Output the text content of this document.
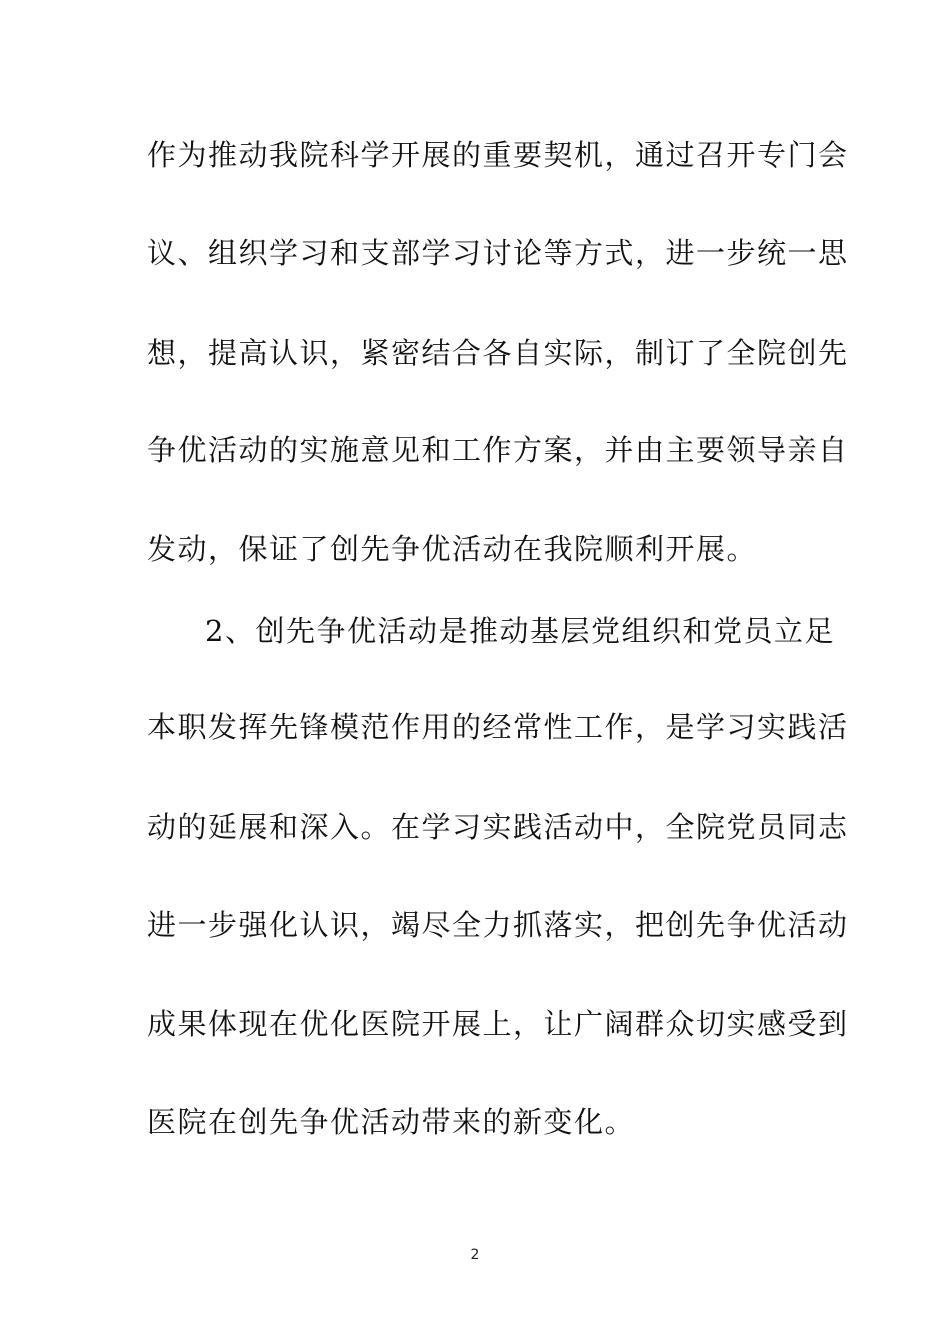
作为推动我院科学开展的重要契机，通过召开专门会
议、组织学习和支部学习讨论等方式，进一步统一思
想，提高认识，紧密结合各自实际，制订了全院创先
争优活动的实施意见和工作方案，并由主要领导亲自
发动，保证了创先争优活动在我院顺利开展。
2、创先争优活动是推动基层党组织和党员立足
本职发挥先锋模范作用的经常性工作，是学习实践活
动的延展和深入。在学习实践活动中，全院党员同志
进一步强化认识，竭尽全力抓落实，把创先争优活动
成果体现在优化医院开展上，让广阔群众切实感受到
医院在创先争优活动带来的新变化。
2
